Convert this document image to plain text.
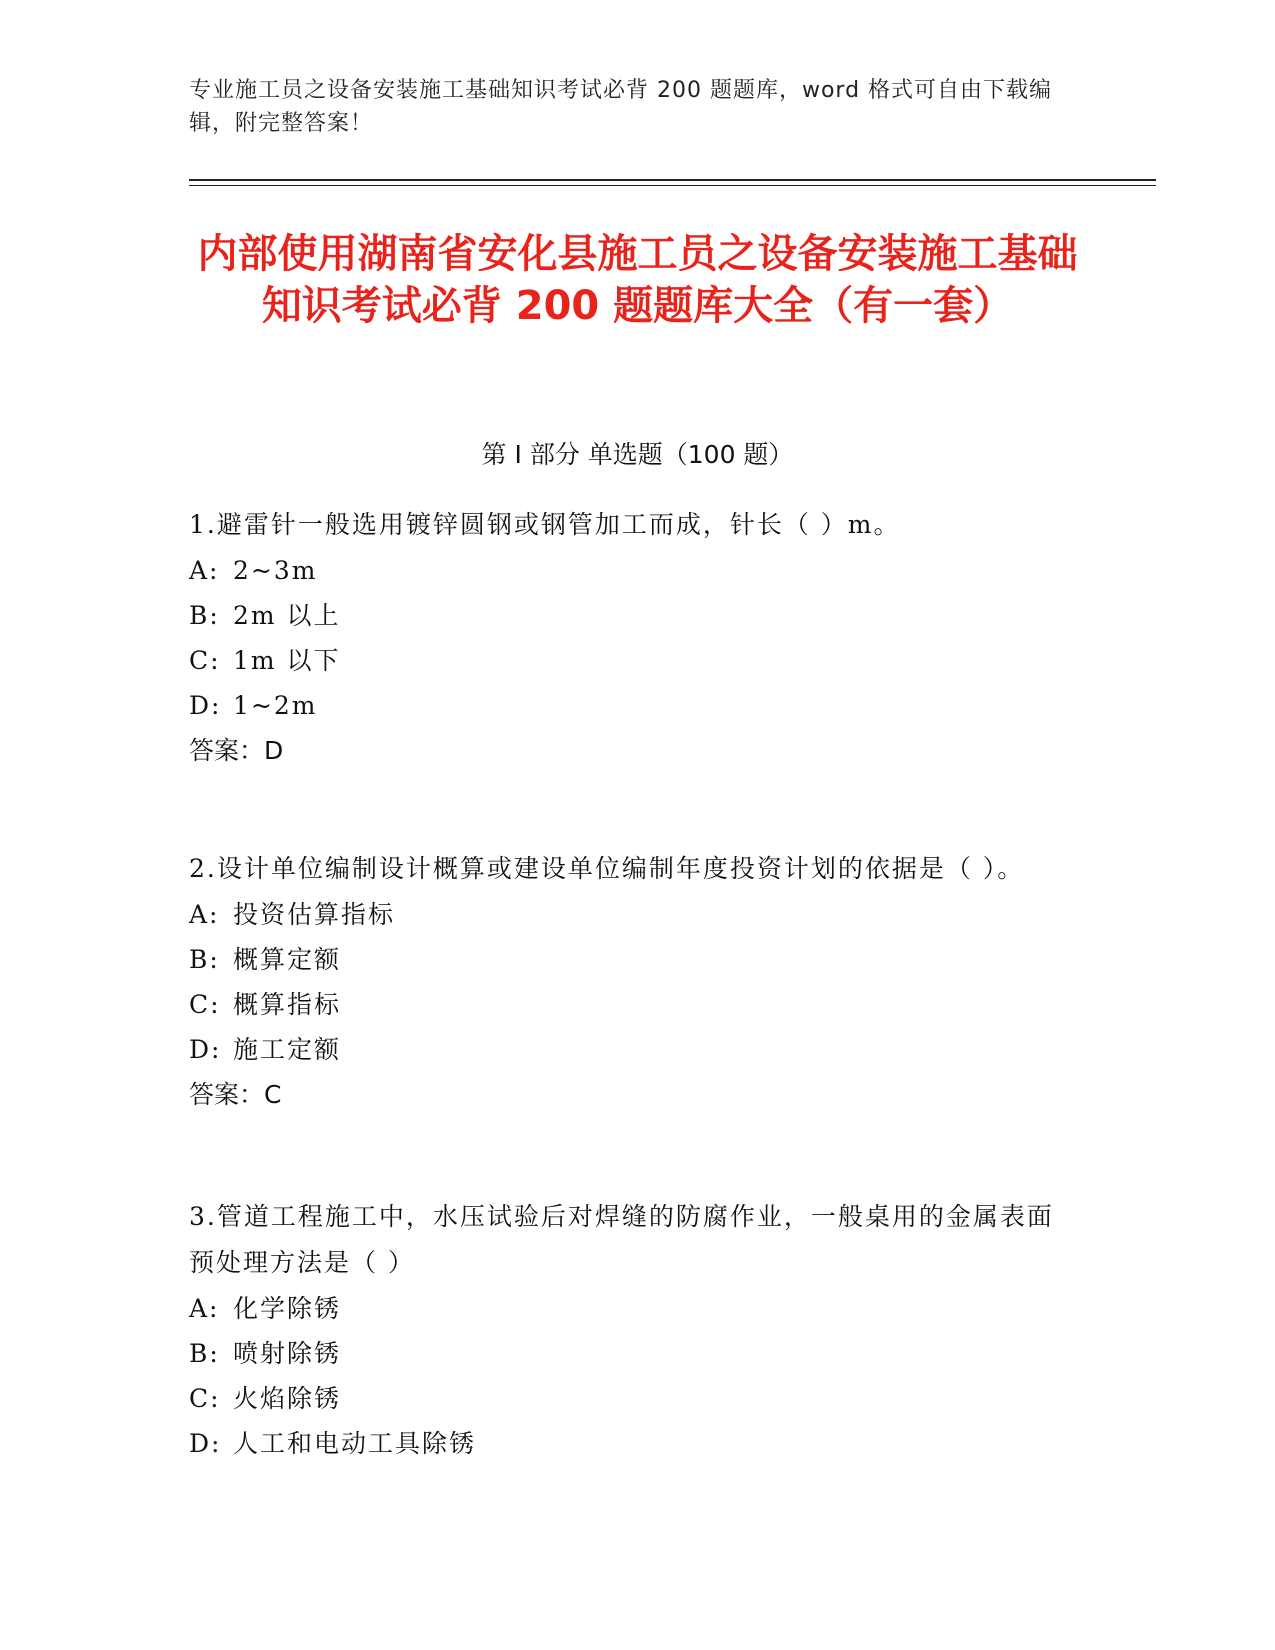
专业施工员之设备安装施工基础知识考试必背 200 题题库，word 格式可自由下载编辑，附完整答案！
内部使用湖南省安化县施工员之设备安装施工基础知识考试必背 200 题题库大全（有一套）
第 I 部分 单选题（100 题）
1.避雷针一般选用镀锌圆钢或钢管加工而成，针长（ ）m。
A: 2~3m
B: 2m 以上
C: 1m 以下
D: 1~2m
答案：D
2.设计单位编制设计概算或建设单位编制年度投资计划的依据是（ ）。
A: 投资估算指标
B: 概算定额
C: 概算指标
D: 施工定额
答案：C
3.管道工程施工中，水压试验后对焊缝的防腐作业，一般桌用的金属表面预处理方法是（ ）
A: 化学除锈
B: 喷射除锈
C: 火焰除锈
D: 人工和电动工具除锈
